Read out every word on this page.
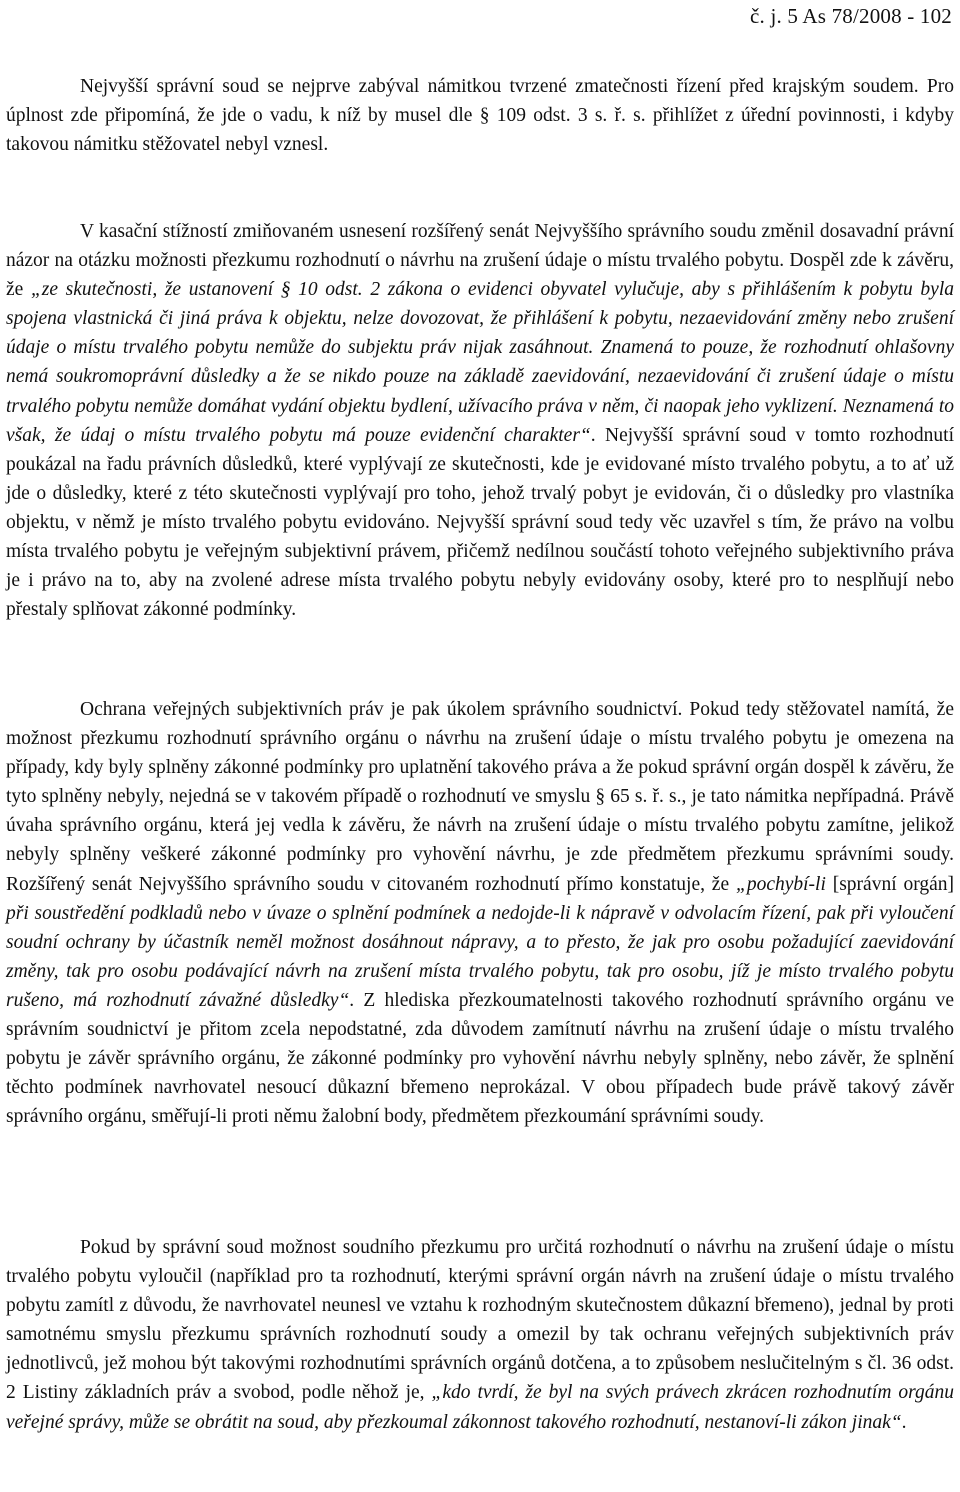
č. j. 5 As 78/2008 - 102

Nejvyšší správní soud se nejprve zabýval námitkou tvrzené zmatečnosti řízení před krajským soudem. Pro úplnost zde připomíná, že jde o vadu, k níž by musel dle § 109 odst. 3 s. ř. s. přihlížet z úřední povinnosti, i kdyby takovou námitku stěžovatel nebyl vznesl.

V kasační stížností zmiňovaném usnesení rozšířený senát Nejvyššího správního soudu změnil dosavadní právní názor na otázku možnosti přezkumu rozhodnutí o návrhu na zrušení údaje o místu trvalého pobytu. Dospěl zde k závěru, že „ze skutečnosti, že ustanovení § 10 odst. 2 zákona o evidenci obyvatel vylučuje, aby s přihlášením k pobytu byla spojena vlastnická či jiná práva k objektu, nelze dovozovat, že přihlášení k pobytu, nezaevidování změny nebo zrušení údaje o místu trvalého pobytu nemůže do subjektu práv nijak zasáhnout. Znamená to pouze, že rozhodnutí ohlašovny nemá soukromoprávní důsledky a že se nikdo pouze na základě zaevidování, nezaevidování či zrušení údaje o místu trvalého pobytu nemůže domáhat vydání objektu bydlení, užívacího práva v něm, či naopak jeho vyklizení. Neznamená to však, že údaj o místu trvalého pobytu má pouze evidenční charakter“. Nejvyšší správní soud v tomto rozhodnutí poukázal na řadu právních důsledků, které vyplývají ze skutečnosti, kde je evidované místo trvalého pobytu, a to ať už jde o důsledky, které z této skutečnosti vyplývají pro toho, jehož trvalý pobyt je evidován, či o důsledky pro vlastníka objektu, v němž je místo trvalého pobytu evidováno. Nejvyšší správní soud tedy věc uzavřel s tím, že právo na volbu místa trvalého pobytu je veřejným subjektivní právem, přičemž nedílnou součástí tohoto veřejného subjektivního práva je i právo na to, aby na zvolené adrese místa trvalého pobytu nebyly evidovány osoby, které pro to nesplňují nebo přestaly splňovat zákonné podmínky.

Ochrana veřejných subjektivních práv je pak úkolem správního soudnictví. Pokud tedy stěžovatel namítá, že možnost přezkumu rozhodnutí správního orgánu o návrhu na zrušení údaje o místu trvalého pobytu je omezena na případy, kdy byly splněny zákonné podmínky pro uplatnění takového práva a že pokud správní orgán dospěl k závěru, že tyto splněny nebyly, nejedná se v takovém případě o rozhodnutí ve smyslu § 65 s. ř. s., je tato námitka nepřípadná. Právě úvaha správního orgánu, která jej vedla k závěru, že návrh na zrušení údaje o místu trvalého pobytu zamítne, jelikož nebyly splněny veškeré zákonné podmínky pro vyhovění návrhu, je zde předmětem přezkumu správními soudy. Rozšířený senát Nejvyššího správního soudu v citovaném rozhodnutí přímo konstatuje, že „pochybí-li [správní orgán] při soustředění podkladů nebo v úvaze o splnění podmínek a nedojde-li k nápravě v odvolacím řízení, pak při vyloučení soudní ochrany by účastník neměl možnost dosáhnout nápravy, a to přesto, že jak pro osobu požadující zaevidování změny, tak pro osobu podávající návrh na zrušení místa trvalého pobytu, tak pro osobu, jíž je místo trvalého pobytu rušeno, má rozhodnutí závažné důsledky“. Z hlediska přezkoumatelnosti takového rozhodnutí správního orgánu ve správním soudnictví je přitom zcela nepodstatné, zda důvodem zamítnutí návrhu na zrušení údaje o místu trvalého pobytu je závěr správního orgánu, že zákonné podmínky pro vyhovění návrhu nebyly splněny, nebo závěr, že splnění těchto podmínek navrhovatel nesoucí důkazní břemeno neprokázal. V obou případech bude právě takový závěr správního orgánu, směřují-li proti němu žalobní body, předmětem přezkoumání správními soudy.

Pokud by správní soud možnost soudního přezkumu pro určitá rozhodnutí o návrhu na zrušení údaje o místu trvalého pobytu vyloučil (například pro ta rozhodnutí, kterými správní orgán návrh na zrušení údaje o místu trvalého pobytu zamítl z důvodu, že navrhovatel neunesl ve vztahu k rozhodným skutečnostem důkazní břemeno), jednal by proti samotnému smyslu přezkumu správních rozhodnutí soudy a omezil by tak ochranu veřejných subjektivních práv jednotlivců, jež mohou být takovými rozhodnutími správních orgánů dotčena, a to způsobem neslučitelným s čl. 36 odst. 2 Listiny základních práv a svobod, podle něhož je, „kdo tvrdí, že byl na svých právech zkrácen rozhodnutím orgánu veřejné správy, může se obrátit na soud, aby přezkoumal zákonnost takového rozhodnutí, nestanoví-li zákon jinak“.
